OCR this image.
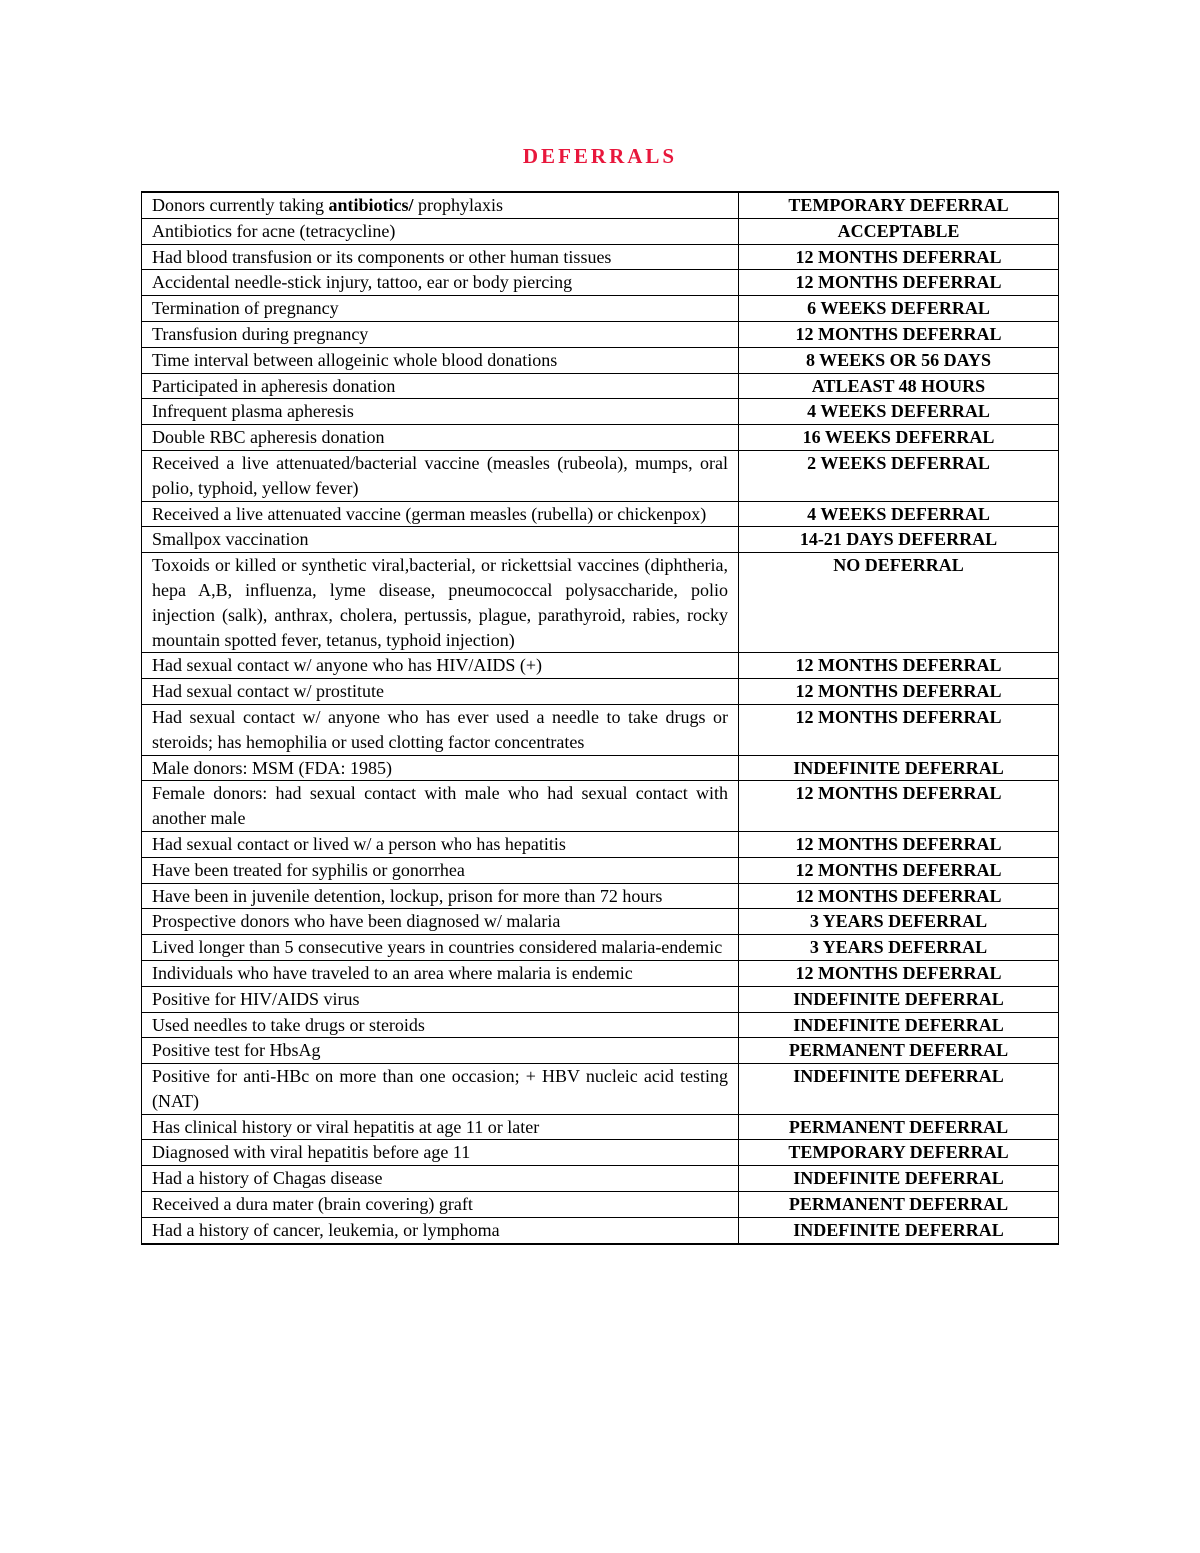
DEFERRALS
Donors currently taking antibiotics/ prophylaxis	TEMPORARY DEFERRAL
Antibiotics for acne (tetracycline)	ACCEPTABLE
Had blood transfusion or its components or other human tissues	12 MONTHS DEFERRAL
Accidental needle-stick injury, tattoo, ear or body piercing	12 MONTHS DEFERRAL
Termination of pregnancy	6 WEEKS DEFERRAL
Transfusion during pregnancy	12 MONTHS DEFERRAL
Time interval between allogeinic whole blood donations	8 WEEKS OR 56 DAYS
Participated in apheresis donation	ATLEAST 48 HOURS
Infrequent plasma apheresis	4 WEEKS DEFERRAL
Double RBC apheresis donation	16 WEEKS DEFERRAL
Received a live attenuated/bacterial vaccine (measles (rubeola), mumps, oral polio, typhoid, yellow fever)	2 WEEKS DEFERRAL
Received a live attenuated vaccine (german measles (rubella) or chickenpox)	4 WEEKS DEFERRAL
Smallpox vaccination	14-21 DAYS DEFERRAL
Toxoids or killed or synthetic viral,bacterial, or rickettsial vaccines (diphtheria, hepa A,B, influenza, lyme disease, pneumococcal polysaccharide, polio injection (salk), anthrax, cholera, pertussis, plague, parathyroid, rabies, rocky mountain spotted fever, tetanus, typhoid injection)	NO DEFERRAL
Had sexual contact w/ anyone who has HIV/AIDS (+)	12 MONTHS DEFERRAL
Had sexual contact w/ prostitute	12 MONTHS DEFERRAL
Had sexual contact w/ anyone who has ever used a needle to take drugs or steroids; has hemophilia or used clotting factor concentrates	12 MONTHS DEFERRAL
Male donors: MSM (FDA: 1985)	INDEFINITE DEFERRAL
Female donors: had sexual contact with male who had sexual contact with another male	12 MONTHS DEFERRAL
Had sexual contact or lived w/ a person who has hepatitis	12 MONTHS DEFERRAL
Have been treated for syphilis or gonorrhea	12 MONTHS DEFERRAL
Have been in juvenile detention, lockup, prison for more than 72 hours	12 MONTHS DEFERRAL
Prospective donors who have been diagnosed w/ malaria	3 YEARS DEFERRAL
Lived longer than 5 consecutive years in countries considered malaria-endemic	3 YEARS DEFERRAL
Individuals who have traveled to an area where malaria is endemic	12 MONTHS DEFERRAL
Positive for HIV/AIDS virus	INDEFINITE DEFERRAL
Used needles to take drugs or steroids	INDEFINITE DEFERRAL
Positive test for HbsAg	PERMANENT DEFERRAL
Positive for anti-HBc on more than one occasion; + HBV nucleic acid testing (NAT)	INDEFINITE DEFERRAL
Has clinical history or viral hepatitis at age 11 or later	PERMANENT DEFERRAL
Diagnosed with viral hepatitis before age 11	TEMPORARY DEFERRAL
Had a history of Chagas disease	INDEFINITE DEFERRAL
Received a dura mater (brain covering) graft	PERMANENT DEFERRAL
Had a history of cancer, leukemia, or lymphoma	INDEFINITE DEFERRAL
